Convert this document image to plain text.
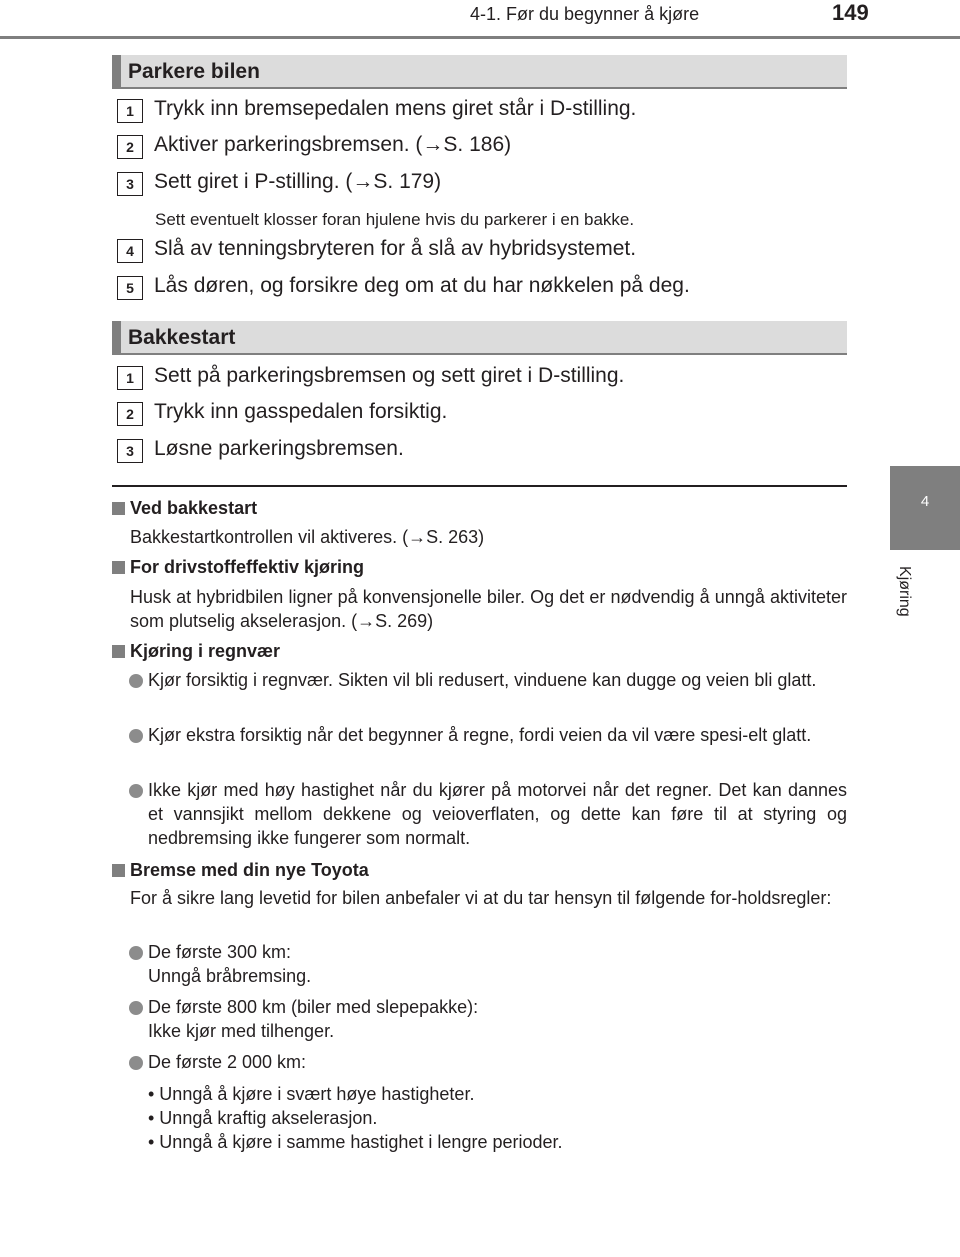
4-1. Før du begynner å kjøre	149
4
Kjøring
Parkere bilen
1 Trykk inn bremsepedalen mens giret står i D-stilling.
2 Aktiver parkeringsbremsen. (→S. 186)
3 Sett giret i P-stilling. (→S. 179)
Sett eventuelt klosser foran hjulene hvis du parkerer i en bakke.
4 Slå av tenningsbryteren for å slå av hybridsystemet.
5 Lås døren, og forsikre deg om at du har nøkkelen på deg.
Bakkestart
1 Sett på parkeringsbremsen og sett giret i D-stilling.
2 Trykk inn gasspedalen forsiktig.
3 Løsne parkeringsbremsen.
Ved bakkestart
Bakkestartkontrollen vil aktiveres. (→S. 263)
For drivstoffeffektiv kjøring
Husk at hybridbilen ligner på konvensjonelle biler. Og det er nødvendig å unngå aktiviteter som plutselig akselerasjon. (→S. 269)
Kjøring i regnvær
Kjør forsiktig i regnvær. Sikten vil bli redusert, vinduene kan dugge og veien bli glatt.
Kjør ekstra forsiktig når det begynner å regne, fordi veien da vil være spesi-elt glatt.
Ikke kjør med høy hastighet når du kjører på motorvei når det regner. Det kan dannes et vannsjikt mellom dekkene og veioverflaten, og dette kan føre til at styring og nedbremsing ikke fungerer som normalt.
Bremse med din nye Toyota
For å sikre lang levetid for bilen anbefaler vi at du tar hensyn til følgende for-holdsregler:
De første 300 km:
Unngå bråbremsing.
De første 800 km (biler med slepepakke):
Ikke kjør med tilhenger.
De første 2 000 km:
• Unngå å kjøre i svært høye hastigheter.
• Unngå kraftig akselerasjon.
• Unngå å kjøre i samme hastighet i lengre perioder.
